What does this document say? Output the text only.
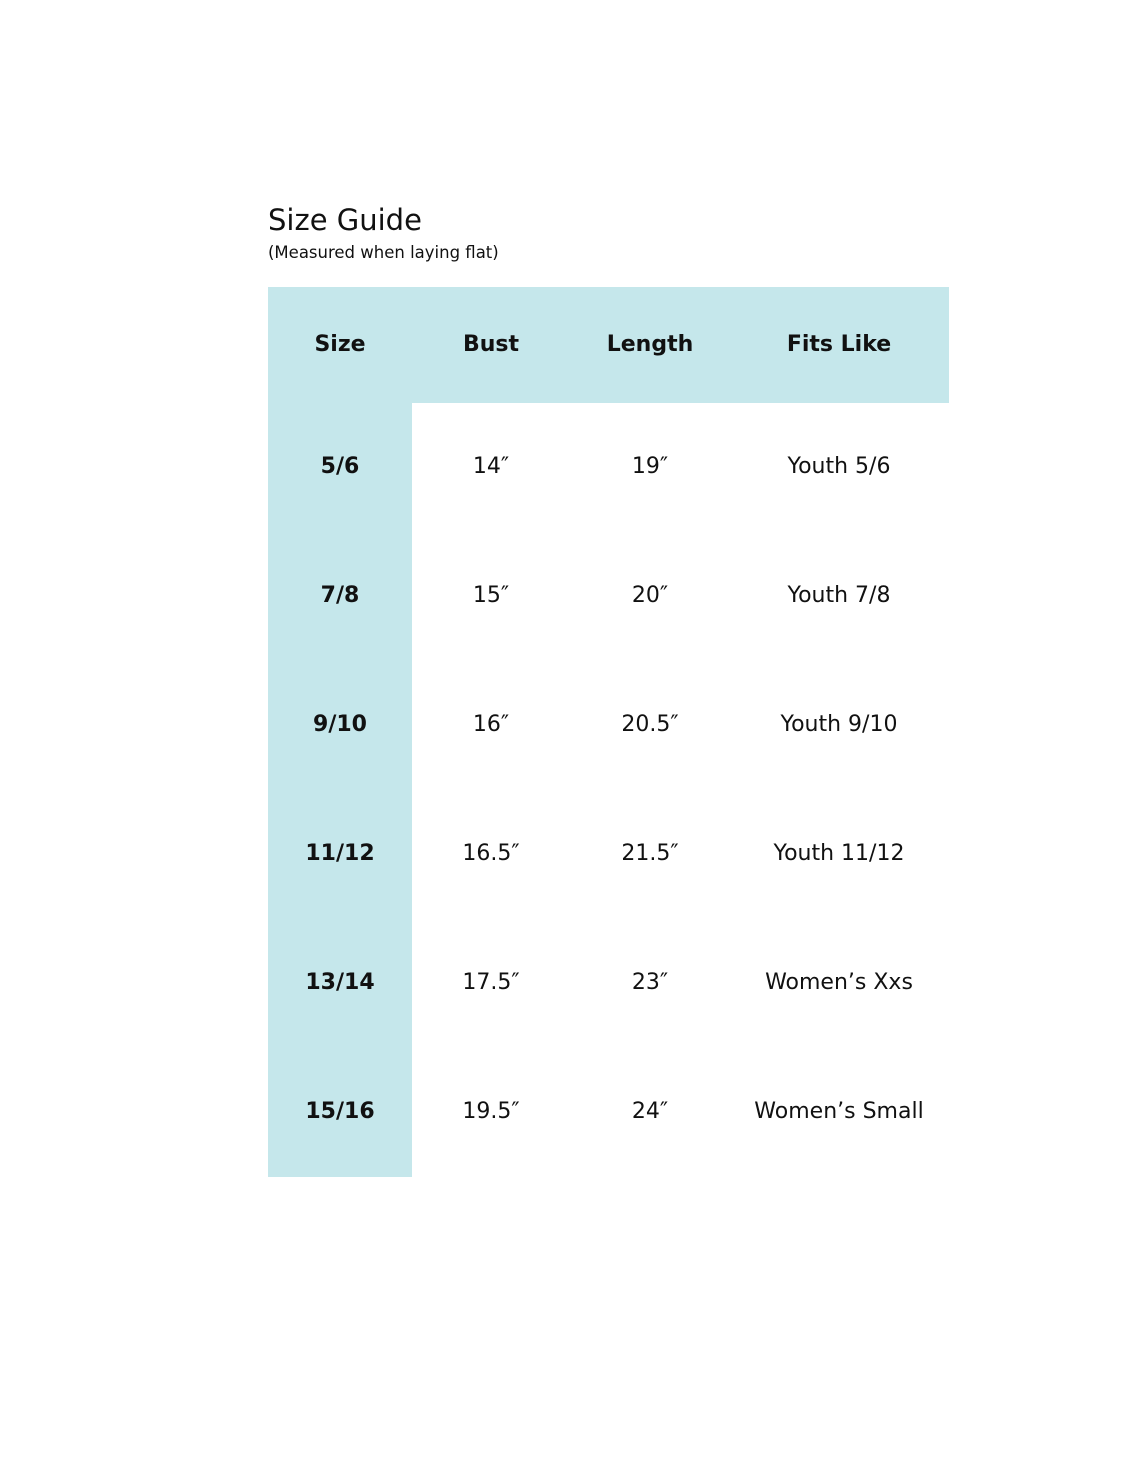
Size Guide
(Measured when laying flat)
Size	Bust	Length	Fits Like
5/6	14″	19″	Youth 5/6
7/8	15″	20″	Youth 7/8
9/10	16″	20.5″	Youth 9/10
11/12	16.5″	21.5″	Youth 11/12
13/14	17.5″	23″	Women’s Xxs
15/16	19.5″	24″	Women’s Small
